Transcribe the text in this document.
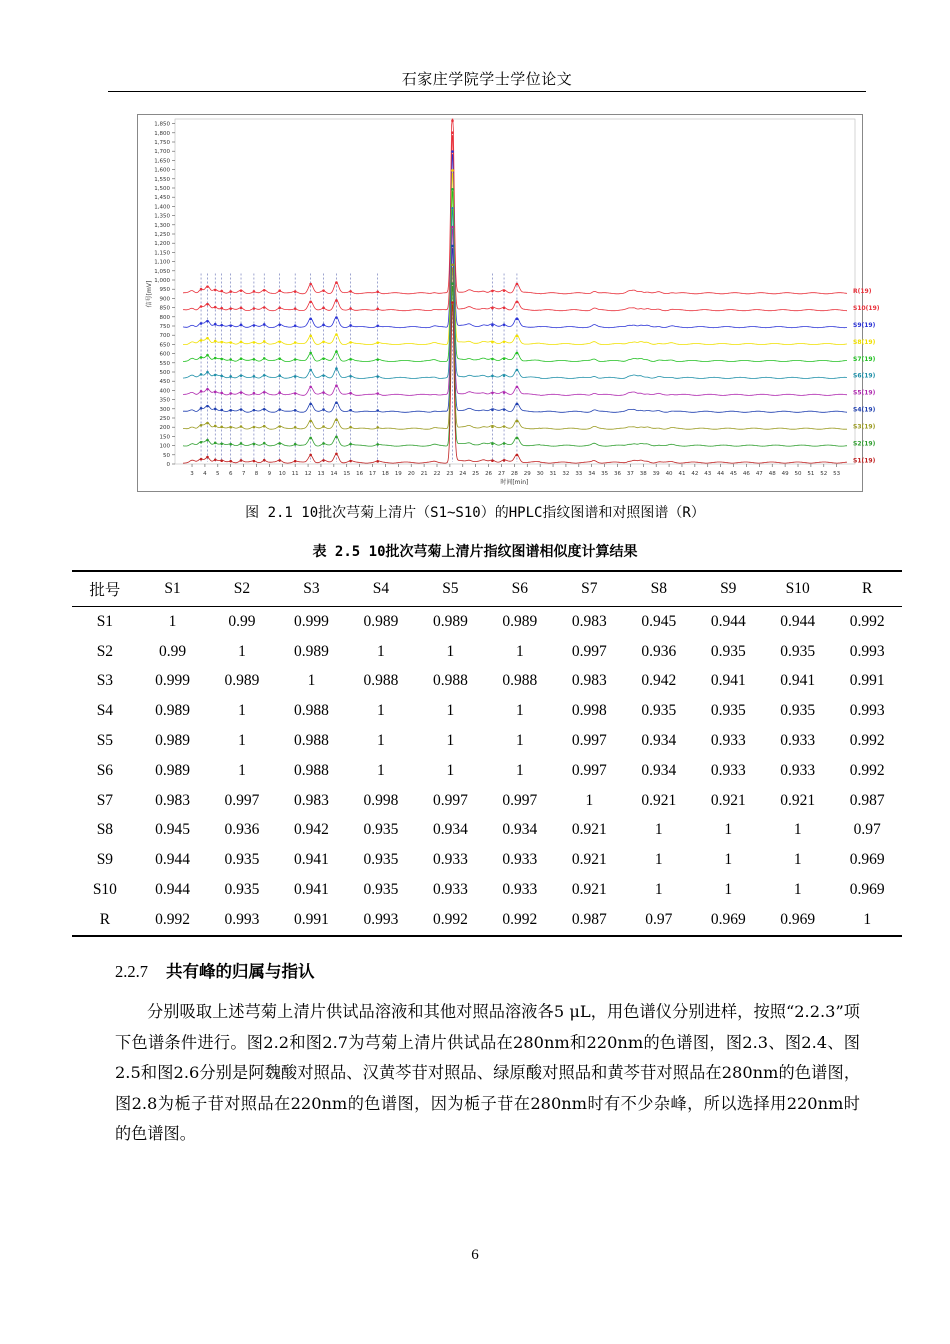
石家庄学院学士学位论文
1,850
1,800
1,750
1,700
1,650
1,600
1,550
1,500
1,450
1,400
1,350
1,300
1,250
1,200
1,150
1,100
1,050
1,000
950
900
850
800
750
700
650
600
550
500
450
400
350
300
250
200
150
100
50
0
3 4 5 6 7 8 9 10 11 12 13 14 15 16 17 18 19 20 21 22 23 24 25 26 27 28 29 30 31 32 33 34 35 36 37 38 39 40 41 42 43 44 45 46 47 48 49 50 51 52 53
信号[mV]
时间[min]
R(19)
S10(19)
S9(19)
S8(19)
S7(19)
S6(19)
S5(19)
S4(19)
S3(19)
S2(19)
S1(19)
图 2.1 10批次芎菊上清片（S1~S10）的HPLC指纹图谱和对照图谱（R）
表 2.5 10批次芎菊上清片指纹图谱相似度计算结果
批号	S1	S2	S3	S4	S5	S6	S7	S8	S9	S10	R
S1	1	0.99	0.999	0.989	0.989	0.989	0.983	0.945	0.944	0.944	0.992
S2	0.99	1	0.989	1	1	1	0.997	0.936	0.935	0.935	0.993
S3	0.999	0.989	1	0.988	0.988	0.988	0.983	0.942	0.941	0.941	0.991
S4	0.989	1	0.988	1	1	1	0.998	0.935	0.935	0.935	0.993
S5	0.989	1	0.988	1	1	1	0.997	0.934	0.933	0.933	0.992
S6	0.989	1	0.988	1	1	1	0.997	0.934	0.933	0.933	0.992
S7	0.983	0.997	0.983	0.998	0.997	0.997	1	0.921	0.921	0.921	0.987
S8	0.945	0.936	0.942	0.935	0.934	0.934	0.921	1	1	1	0.97
S9	0.944	0.935	0.941	0.935	0.933	0.933	0.921	1	1	1	0.969
S10	0.944	0.935	0.941	0.935	0.933	0.933	0.921	1	1	1	0.969
R	0.992	0.993	0.991	0.993	0.992	0.992	0.987	0.97	0.969	0.969	1
2.2.7 共有峰的归属与指认
分别吸取上述芎菊上清片供试品溶液和其他对照品溶液各5 μL，用色谱仪分别进样，按照“2.2.3”项下色谱条件进行。图2.2和图2.7为芎菊上清片供试品在280nm和220nm的色谱图，图2.3、图2.4、图2.5和图2.6分别是阿魏酸对照品、汉黄芩苷对照品、绿原酸对照品和黄芩苷对照品在280nm的色谱图，图2.8为栀子苷对照品在220nm的色谱图，因为栀子苷在280nm时有不少杂峰，所以选择用220nm时的色谱图。
6
